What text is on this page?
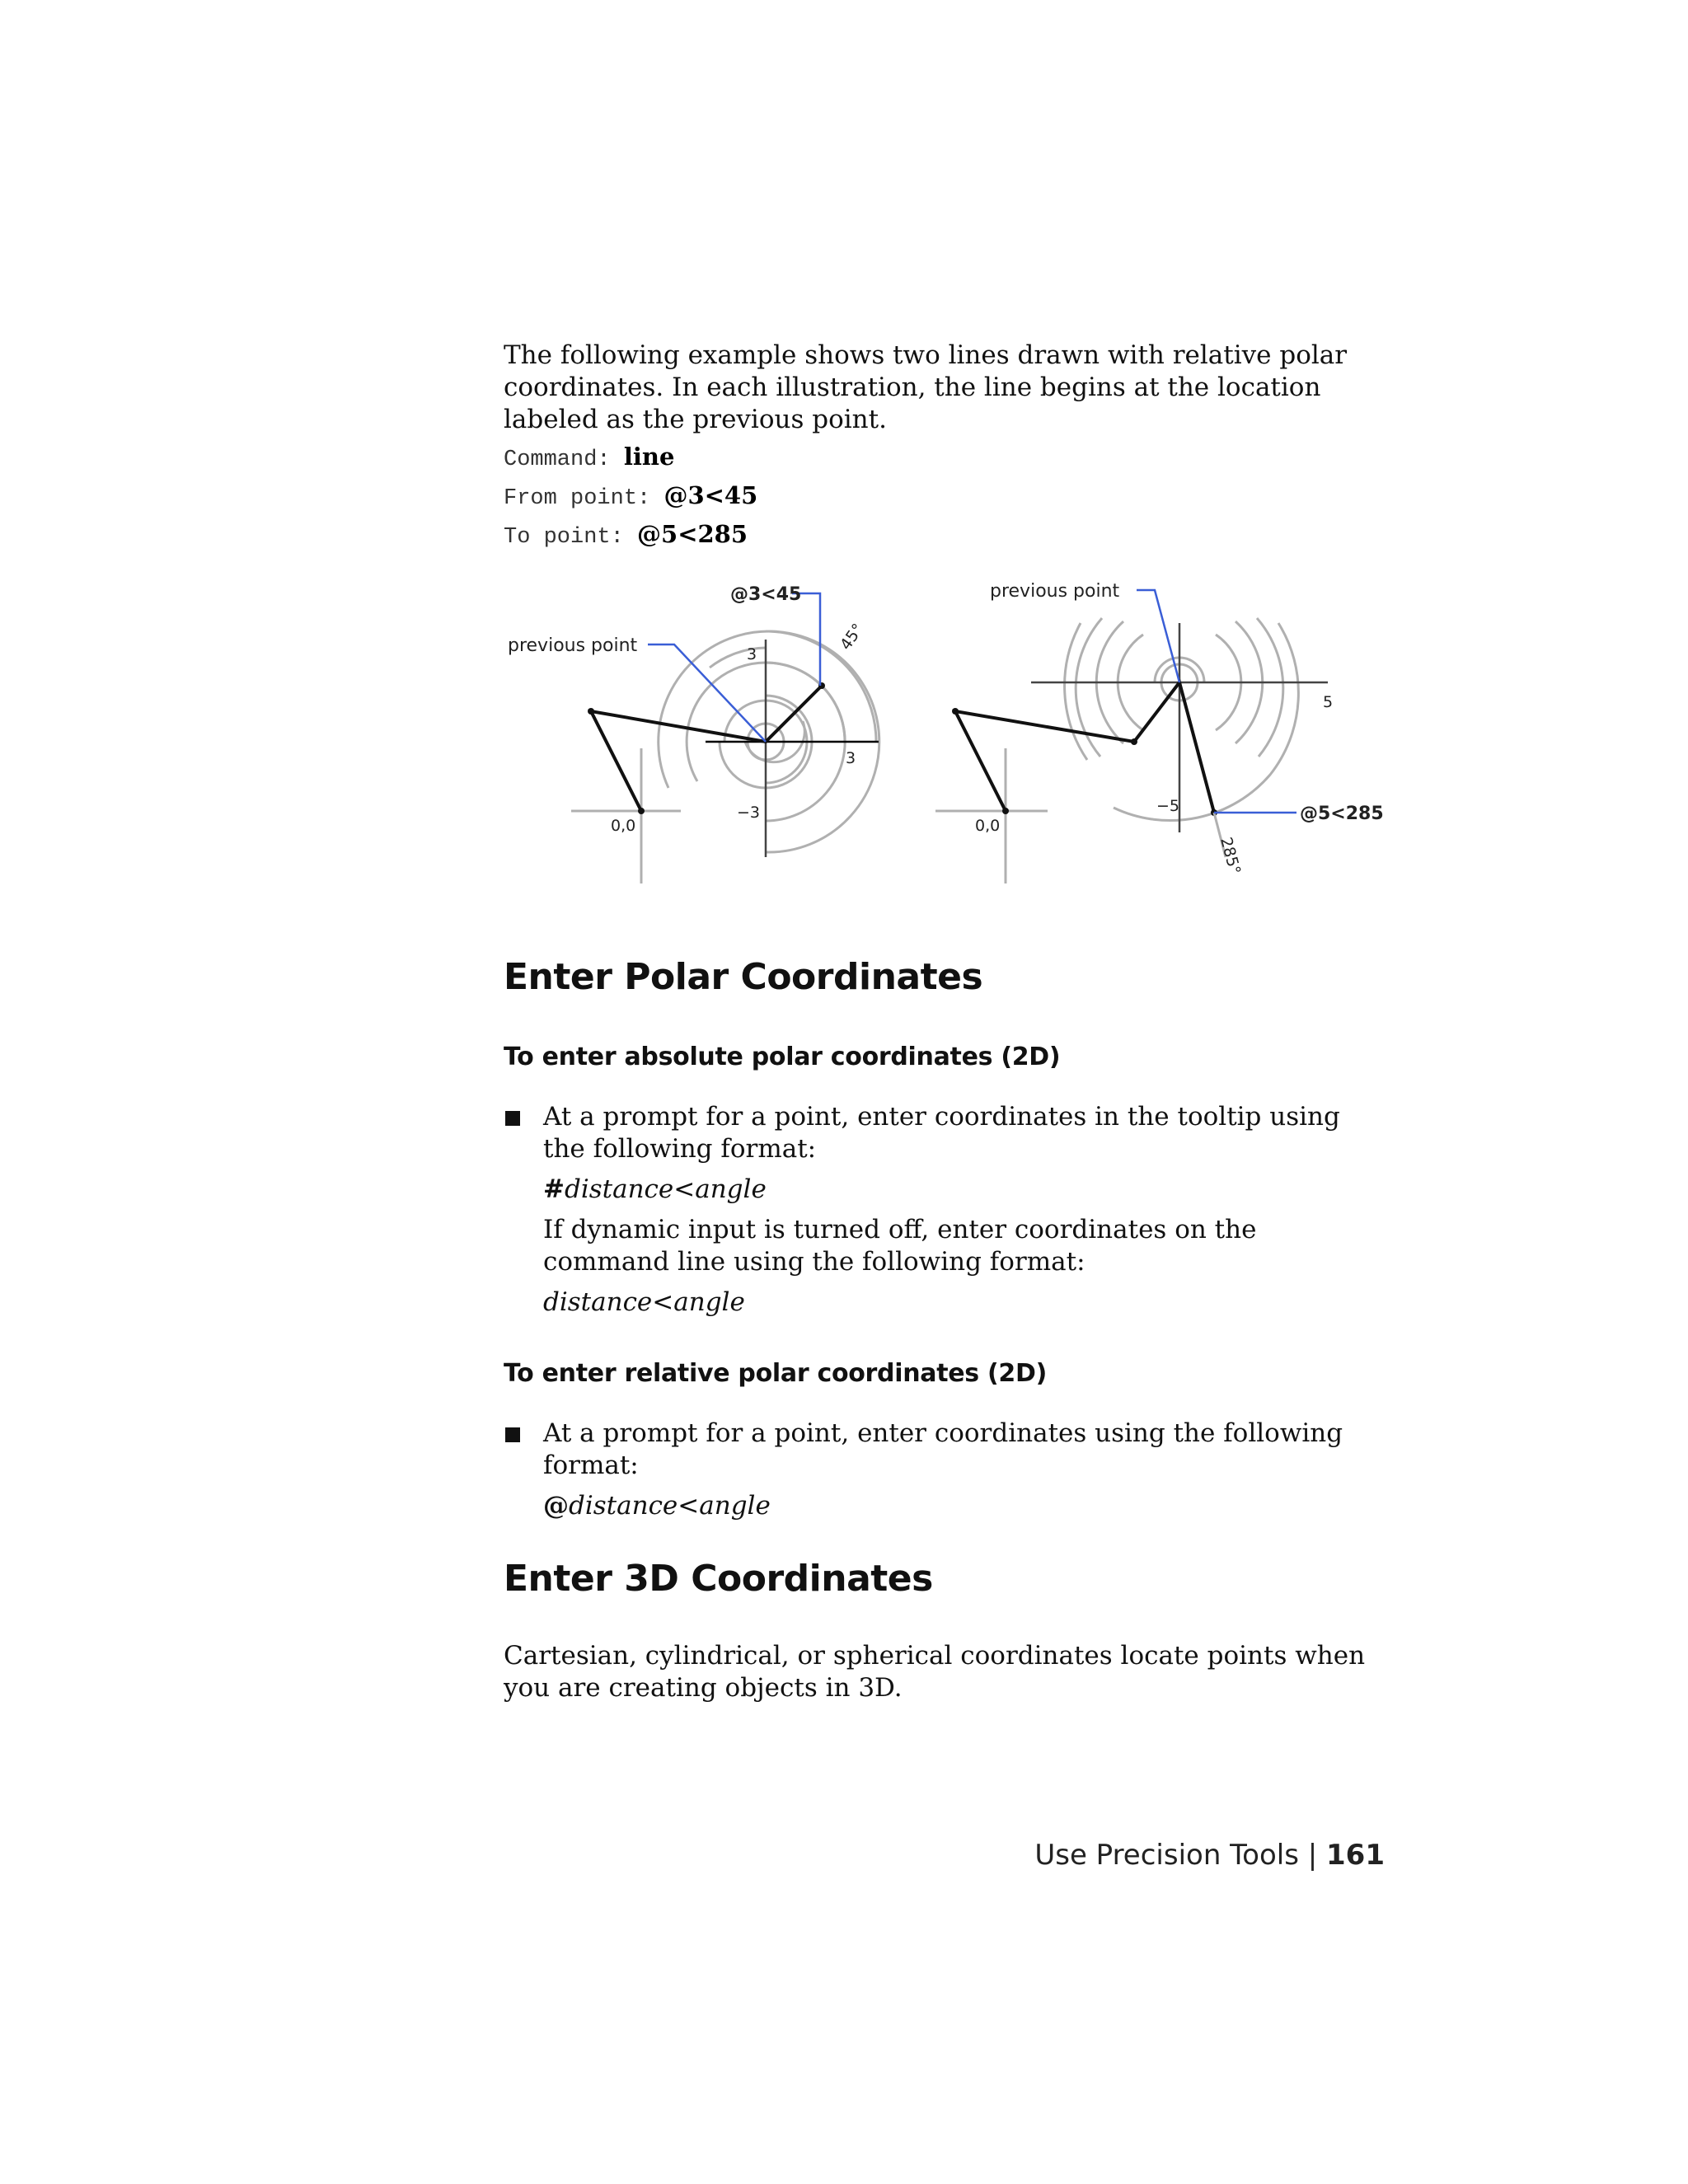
The following example shows two lines drawn with relative polar coordinates. In each illustration, the line begins at the location labeled as the previous point.

Command: line
From point: @3<45
To point: @5<285
0,0
3
3
−3
previous point
@3<45
45°
0,0
5
−5
previous point
@5<285
285°
Enter Polar Coordinates
To enter absolute polar coordinates (2D)
At a prompt for a point, enter coordinates in the tooltip using the following format:

#distance<angle

If dynamic input is turned off, enter coordinates on the command line using the following format:

distance<angle

To enter relative polar coordinates (2D)
At a prompt for a point, enter coordinates using the following format:

@distance<angle

Enter 3D Coordinates

Cartesian, cylindrical, or spherical coordinates locate points when you are creating objects in 3D.

Use Precision Tools | 161
